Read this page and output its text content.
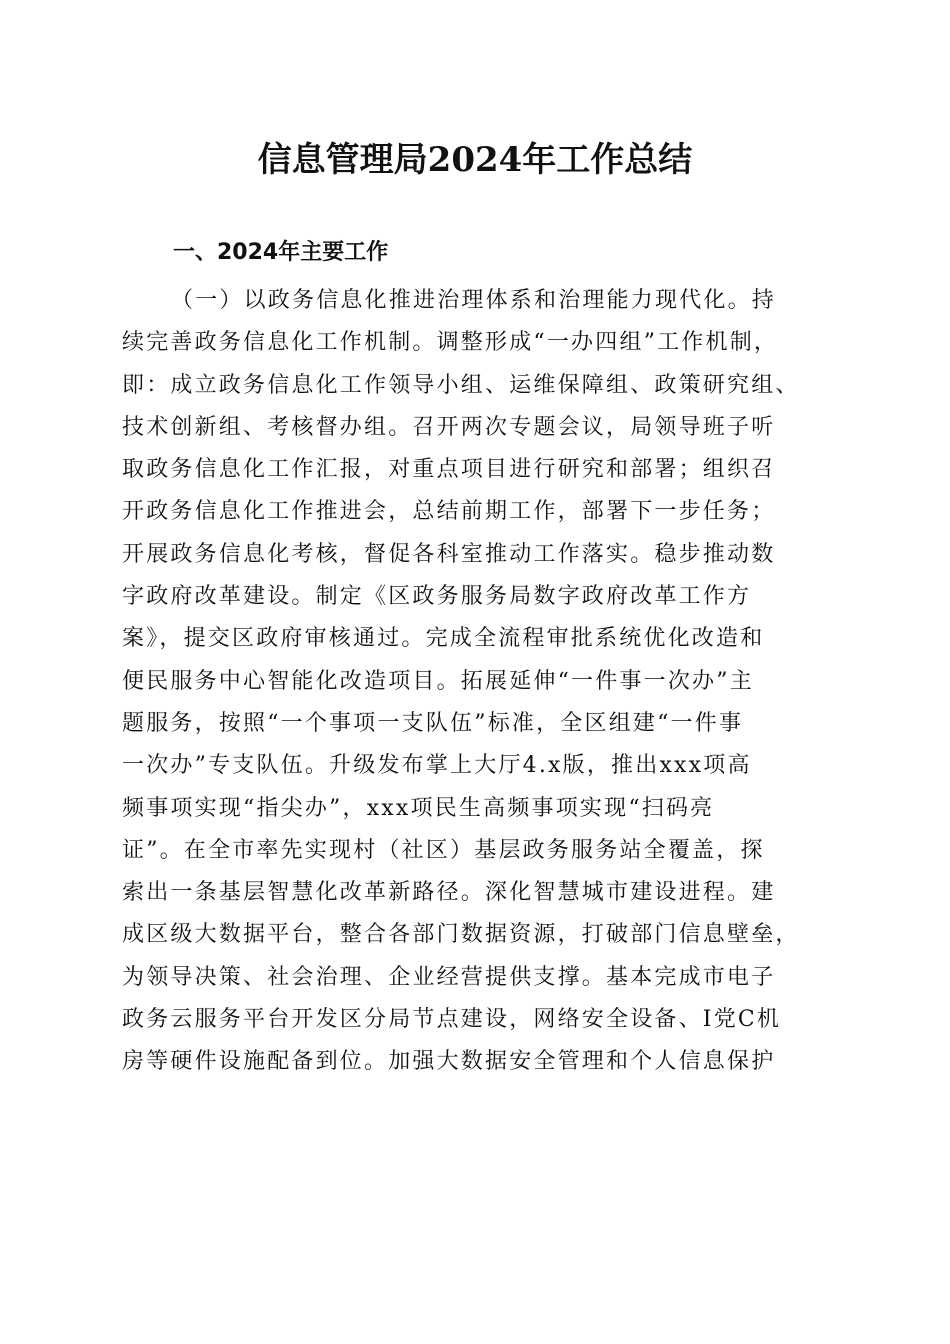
信息管理局2024年工作总结
一、2024年主要工作
（一）以政务信息化推进治理体系和治理能力现代化。持
续完善政务信息化工作机制。调整形成“一办四组”工作机制，
即：成立政务信息化工作领导小组、运维保障组、政策研究组、
技术创新组、考核督办组。召开两次专题会议，局领导班子听
取政务信息化工作汇报，对重点项目进行研究和部署；组织召
开政务信息化工作推进会，总结前期工作，部署下一步任务；
开展政务信息化考核，督促各科室推动工作落实。稳步推动数
字政府改革建设。制定《区政务服务局数字政府改革工作方
案》，提交区政府审核通过。完成全流程审批系统优化改造和
便民服务中心智能化改造项目。拓展延伸“一件事一次办”主
题服务，按照“一个事项一支队伍”标准，全区组建“一件事
一次办”专支队伍。升级发布掌上大厅4.x版，推出xxx项高
频事项实现“指尖办”，xxx项民生高频事项实现“扫码亮
证”。在全市率先实现村（社区）基层政务服务站全覆盖，探
索出一条基层智慧化改革新路径。深化智慧城市建设进程。建
成区级大数据平台，整合各部门数据资源，打破部门信息壁垒，
为领导决策、社会治理、企业经营提供支撑。基本完成市电子
政务云服务平台开发区分局节点建设，网络安全设备、I党C机
房等硬件设施配备到位。加强大数据安全管理和个人信息保护
